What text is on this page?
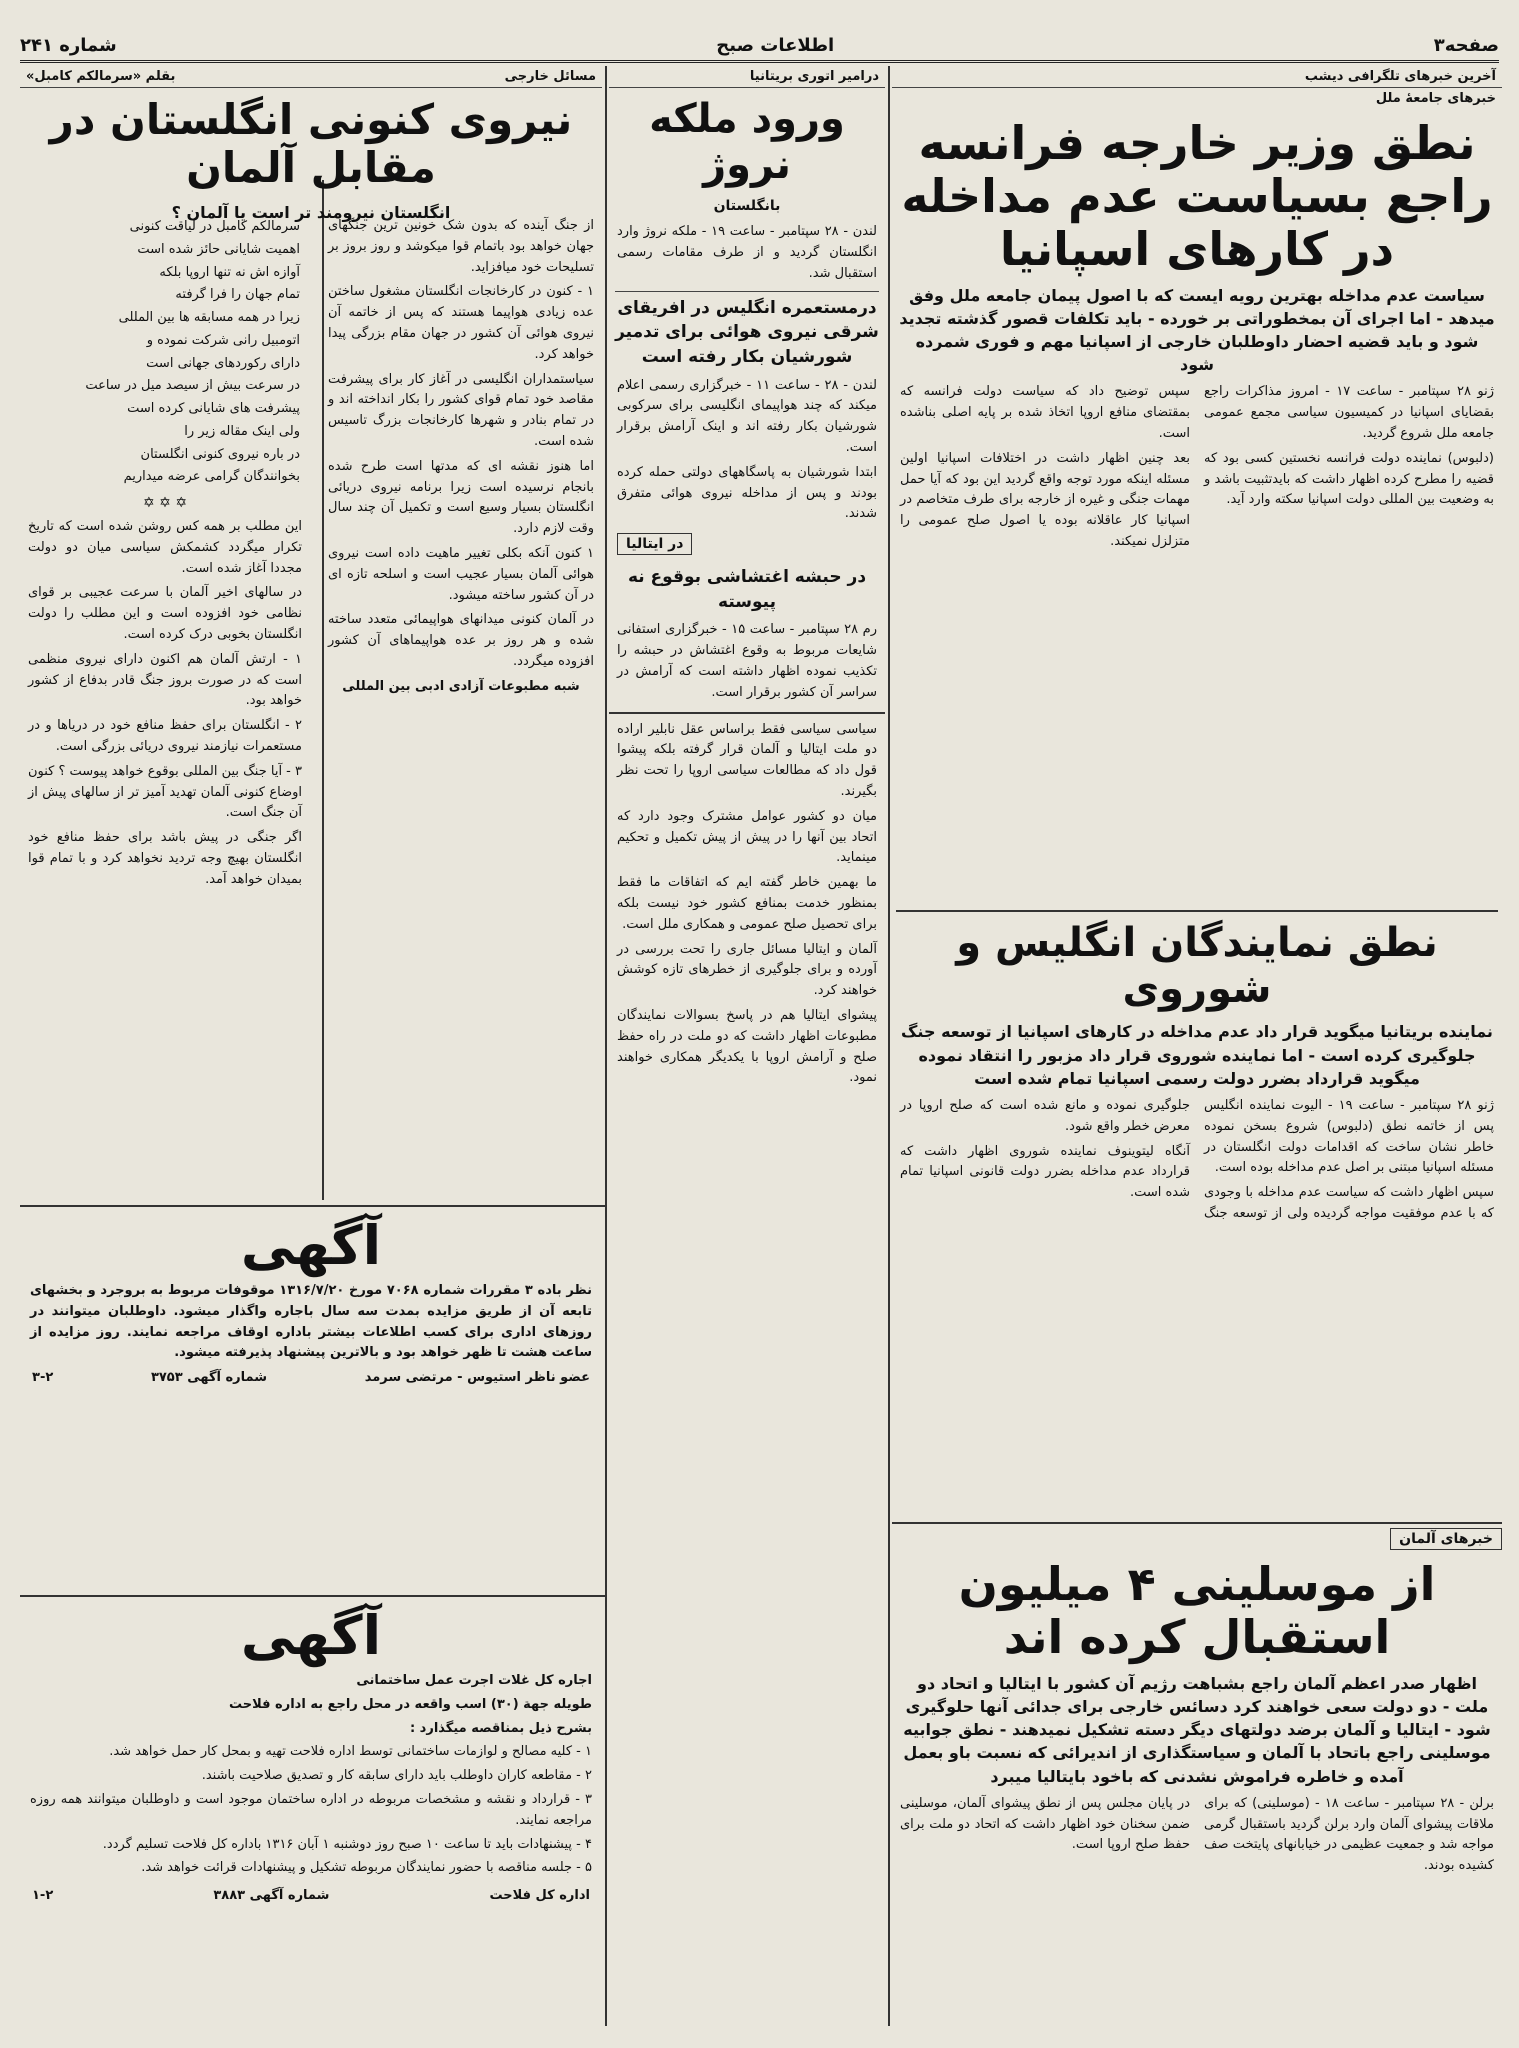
صفحه۳
اطلاعات صبح
شماره ۲۴۱
آخرین خبرهای تلگرافی دیشب
خبرهای جامعهٔ ملل
نطق وزیر خارجه فرانسه راجع بسیاست عدم مداخله در کارهای اسپانیا
سیاست عدم مداخله بهترین رویه ایست که با اصول پیمان جامعه ملل وفق میدهد - اما اجرای آن بمخطوراتی بر خورده - باید تکلفات قصور گذشته تجدید شود و باید قضیه احضار داوطلبان خارجی از اسپانیا مهم و فوری شمرده شود

ژنو ۲۸ سپتامبر - ساعت ۱۷ - امروز مذاکرات راجع بقضایای اسپانیا در کمیسیون سیاسی مجمع عمومی جامعه ملل شروع گردید.

(دلبوس) نماینده دولت فرانسه نخستین کسی بود که قضیه را مطرح کرده اظهار داشت که بایدتثبیت باشد و به وضعیت بین المللی دولت اسپانیا سکته وارد آید.

سپس توضیح داد که سیاست دولت فرانسه که بمقتضای منافع اروپا اتخاذ شده بر پایه اصلی بناشده است.

بعد چنین اظهار داشت در اختلافات اسپانیا اولین مسئله اینکه مورد توجه واقع گردید این بود که آیا حمل مهمات جنگی و غیره از خارجه برای طرف متخاصم در اسپانیا کار عاقلانه بوده یا اصول صلح عمومی را متزلزل نمیکند.

نطق نمایندگان انگلیس و شوروی
نماینده بریتانیا میگوید قرار داد عدم مداخله در کارهای اسپانیا از توسعه جنگ جلوگیری کرده است - اما نماینده شوروی قرار داد مزبور را انتقاد نموده میگوید قرارداد بضرر دولت رسمی اسپانیا تمام شده است

ژنو ۲۸ سپتامبر - ساعت ۱۹ - الیوت نماینده انگلیس پس از خاتمه نطق (دلبوس) شروع بسخن نموده خاطر نشان ساخت که اقدامات دولت انگلستان در مسئله اسپانیا مبتنی بر اصل عدم مداخله بوده است.

سپس اظهار داشت که سیاست عدم مداخله با وجودی که با عدم موفقیت مواجه گردیده ولی از توسعه جنگ جلوگیری نموده و مانع شده است که صلح اروپا در معرض خطر واقع شود.

آنگاه لیتوینوف نماینده شوروی اظهار داشت که قرارداد عدم مداخله بضرر دولت قانونی اسپانیا تمام شده است.

خبرهای آلمان
از موسلینی ۴ میلیون استقبال کرده اند
اظهار صدر اعظم آلمان راجع بشباهت رژیم آن کشور با ایتالیا و اتحاد دو ملت - دو دولت سعی خواهند کرد دسائس خارجی برای جدائی آنها حلوگیری شود - ایتالیا و آلمان برضد دولتهای دیگر دسته تشکیل نمیدهند - نطق جوابیه موسلینی راجع باتحاد با آلمان و سیاستگذاری از اندیرائی که نسبت باو بعمل آمده و خاطره فراموش نشدنی که باخود بایتالیا میبرد

برلن - ۲۸ سپتامبر - ساعت ۱۸ - (موسلینی) که برای ملاقات پیشوای آلمان وارد برلن گردید باستقبال گرمی مواجه شد و جمعیت عظیمی در خیابانهای پایتخت صف کشیده بودند.

در پایان مجلس پس از نطق پیشوای آلمان، موسلینی ضمن سخنان خود اظهار داشت که اتحاد دو ملت برای حفظ صلح اروپا است.

درامیر اتوری بریتانیا
ورود ملکه نروژ
بانگلستان

لندن - ۲۸ سپتامبر - ساعت ۱۹ - ملکه نروژ وارد انگلستان گردید و از طرف مقامات رسمی استقبال شد.

درمستعمره انگلیس در افریقای شرقی نیروی هوائی برای تدمیر شورشیان بکار رفته است

لندن - ۲۸ - ساعت ۱۱ - خبرگزاری رسمی اعلام میکند که چند هواپیمای انگلیسی برای سرکوبی شورشیان بکار رفته اند و اینک آرامش برقرار است.

ابتدا شورشیان به پاسگاههای دولتی حمله کرده بودند و پس از مداخله نیروی هوائی متفرق شدند.

در ایتالیا
در حبشه اغتشاشی بوقوع نه پیوسته

رم ۲۸ سپتامبر - ساعت ۱۵ - خبرگزاری استفانی شایعات مربوط به وقوع اغتشاش در حبشه را تکذیب نموده اظهار داشته است که آرامش در سراسر آن کشور برقرار است.

سیاسی سیاسی فقط براساس عقل نابلیر اراده دو ملت ایتالیا و آلمان قرار گرفته بلکه پیشوا قول داد که مطالعات سیاسی اروپا را تحت نظر بگیرند.

میان دو کشور عوامل مشترک وجود دارد که اتحاد بین آنها را در پیش از پیش تکمیل و تحکیم مینماید.

ما بهمین خاطر گفته ایم که اتفاقات ما فقط بمنظور خدمت بمنافع کشور خود نیست بلکه برای تحصیل صلح عمومی و همکاری ملل است.

آلمان و ایتالیا مسائل جاری را تحت بررسی در آورده و برای جلوگیری از خطرهای تازه کوشش خواهند کرد.

پیشوای ایتالیا هم در پاسخ بسوالات نمایندگان مطبوعات اظهار داشت که دو ملت در راه حفظ صلح و آرامش اروپا با یکدیگر همکاری خواهند نمود.

مسائل خارجی
بقلم «سرمالکم کامبل»
نیروی کنونی انگلستان در مقابل آلمان
انگلستان نیرومند تر است یا آلمان ؟

از جنگ آینده که بدون شک خونین ترین جنگهای جهان خواهد بود باتمام قوا میکوشد و روز بروز بر تسلیحات خود میافزاید.

۱ - کنون در کارخانجات انگلستان مشغول ساختن عده زیادی هواپیما هستند که پس از خاتمه آن نیروی هوائی آن کشور در جهان مقام بزرگی پیدا خواهد کرد.

سیاستمداران انگلیسی در آغاز کار برای پیشرفت مقاصد خود تمام قوای کشور را بکار انداخته اند و در تمام بنادر و شهرها کارخانجات بزرگ تاسیس شده است.

اما هنوز نقشه ای که مدتها است طرح شده بانجام نرسیده است زیرا برنامه نیروی دریائی انگلستان بسیار وسیع است و تکمیل آن چند سال وقت لازم دارد.

۱ کنون آنکه بکلی تغییر ماهیت داده است نیروی هوائی آلمان بسیار عجیب است و اسلحه تازه ای در آن کشور ساخته میشود.

در آلمان کنونی میدانهای هواپیمائی متعدد ساخته شده و هر روز بر عده هواپیماهای آن کشور افزوده میگردد.

شبه مطبوعات آزادی ادبی بین المللی

سرمالکم کامبل در لیاقت کنونی
اهمیت شایانی حائز شده است
آوازه اش نه تنها اروپا بلکه
تمام جهان را فرا گرفته
زیرا در همه مسابقه ها بین المللی
اتومبیل رانی شرکت نموده و
دارای رکوردهای جهانی است
در سرعت بیش از سیصد میل در ساعت
پیشرفت های شایانی کرده است
ولی اینک مقاله زیر را
در باره نیروی کنونی انگلستان
بخوانندگان گرامی عرضه میداریم
✡ ✡ ✡

این مطلب بر همه کس روشن شده است که تاریخ تکرار میگردد کشمکش سیاسی میان دو دولت مجددا آغاز شده است.

در سالهای اخیر آلمان با سرعت عجیبی بر قوای نظامی خود افزوده است و این مطلب را دولت انگلستان بخوبی درک کرده است.

۱ - ارتش آلمان هم اکنون دارای نیروی منظمی است که در صورت بروز جنگ قادر بدفاع از کشور خواهد بود.

۲ - انگلستان برای حفظ منافع خود در دریاها و در مستعمرات نیازمند نیروی دریائی بزرگی است.

۳ - آیا جنگ بین المللی بوقوع خواهد پیوست ؟ کنون اوضاع کنونی آلمان تهدید آمیز تر از سالهای پیش از آن جنگ است.

اگر جنگی در پیش باشد برای حفظ منافع خود انگلستان بهیچ وجه تردید نخواهد کرد و با تمام قوا بمیدان خواهد آمد.

آگهی
نظر باده ۳ مقررات شماره ۷۰۶۸ مورخ ۱۳۱۶/۷/۲۰ موقوفات مربوط به بروجرد و بخشهای تابعه آن از طریق مزایده بمدت سه سال باجاره واگذار میشود. داوطلبان میتوانند در روزهای اداری برای کسب اطلاعات بیشتر باداره اوقاف مراجعه نمایند. روز مزایده از ساعت هشت تا ظهر خواهد بود و بالاترین پیشنهاد پذیرفته میشود.
عضو ناظر استیوس - مرتضی سرمد
شماره آگهی ۳۷۵۳
۳-۲
آگهی

اجاره کل غلات اجرت عمل ساختمانی

طویله جهة (۳۰) اسب واقعه در محل راجع به اداره فلاحت

بشرح ذیل بمناقصه میگذارد :

۱ - کلیه مصالح و لوازمات ساختمانی توسط اداره فلاحت تهیه و بمحل کار حمل خواهد شد.

۲ - مقاطعه کاران داوطلب باید دارای سابقه کار و تصدیق صلاحیت باشند.

۳ - قرارداد و نقشه و مشخصات مربوطه در اداره ساختمان موجود است و داوطلبان میتوانند همه روزه مراجعه نمایند.

۴ - پیشنهادات باید تا ساعت ۱۰ صبح روز دوشنبه ۱ آبان ۱۳۱۶ باداره کل فلاحت تسلیم گردد.

۵ - جلسه مناقصه با حضور نمایندگان مربوطه تشکیل و پیشنهادات قرائت خواهد شد.

اداره کل فلاحت
شماره آگهی ۳۸۸۳
۱-۲
